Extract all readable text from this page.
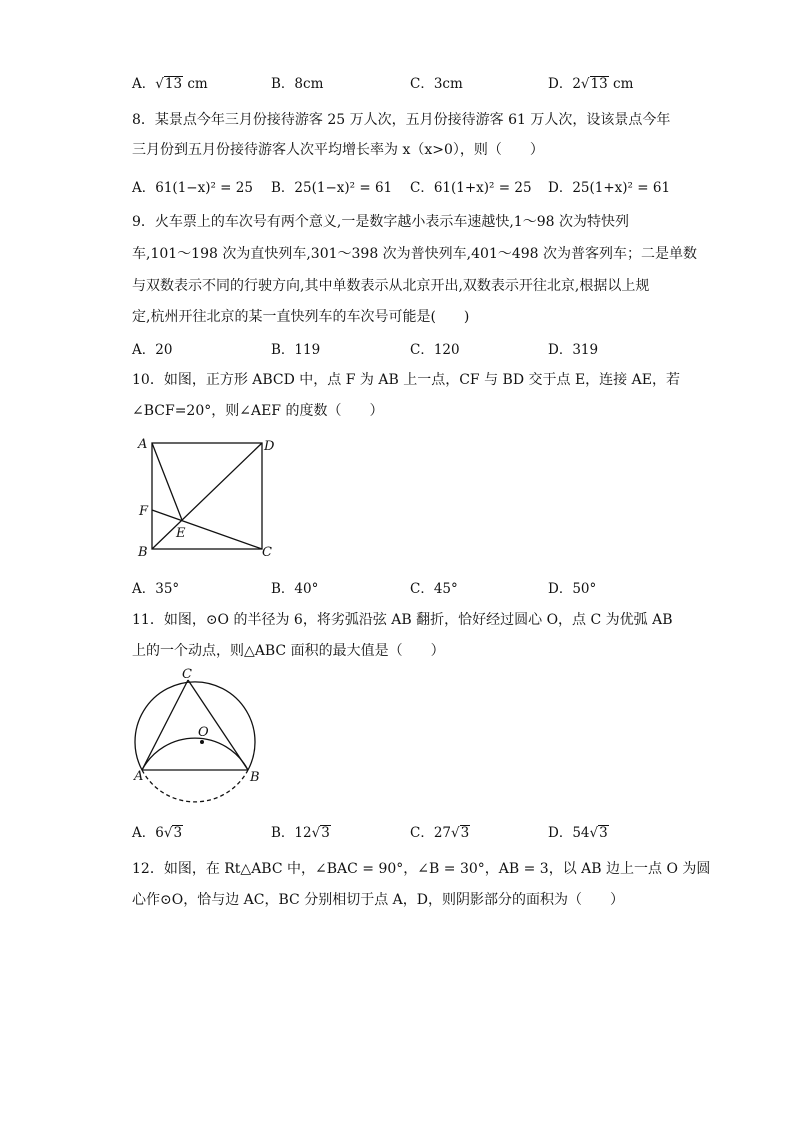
A．√13 cm	B．8cm	C．3cm	D．2√13 cm
8．某景点今年三月份接待游客 25 万人次，五月份接待游客 61 万人次，设该景点今年
三月份到五月份接待游客人次平均增长率为 x（x>0），则（　　）
A．61(1−x)² = 25 B．25(1−x)² = 61 C．61(1+x)² = 25 D．25(1+x)² = 61
9．火车票上的车次号有两个意义,一是数字越小表示车速越快,1～98 次为特快列
车,101～198 次为直快列车,301～398 次为普快列车,401～498 次为普客列车；二是单数
与双数表示不同的行驶方向,其中单数表示从北京开出,双数表示开往北京,根据以上规
定,杭州开往北京的某一直快列车的车次号可能是(　　)
A．20	B．119	C．120	D．319
10．如图，正方形 ABCD 中，点 F 为 AB 上一点，CF 与 BD 交于点 E，连接 AE，若
∠BCF=20°，则∠AEF 的度数（　　）
A	D
F
E
B	C
A．35°	B．40°	C．45°	D．50°
11．如图，⊙O 的半径为 6，将劣弧沿弦 AB 翻折，恰好经过圆心 O，点 C 为优弧 AB
上的一个动点，则△ABC 面积的最大值是（　　）
C
O
A	B
A．6√3	B．12√3	C．27√3	D．54√3
12．如图，在 Rt△ABC 中，∠BAC = 90°，∠B = 30°，AB = 3，以 AB 边上一点 O 为圆
心作⊙O，恰与边 AC，BC 分别相切于点 A，D，则阴影部分的面积为（　　）
